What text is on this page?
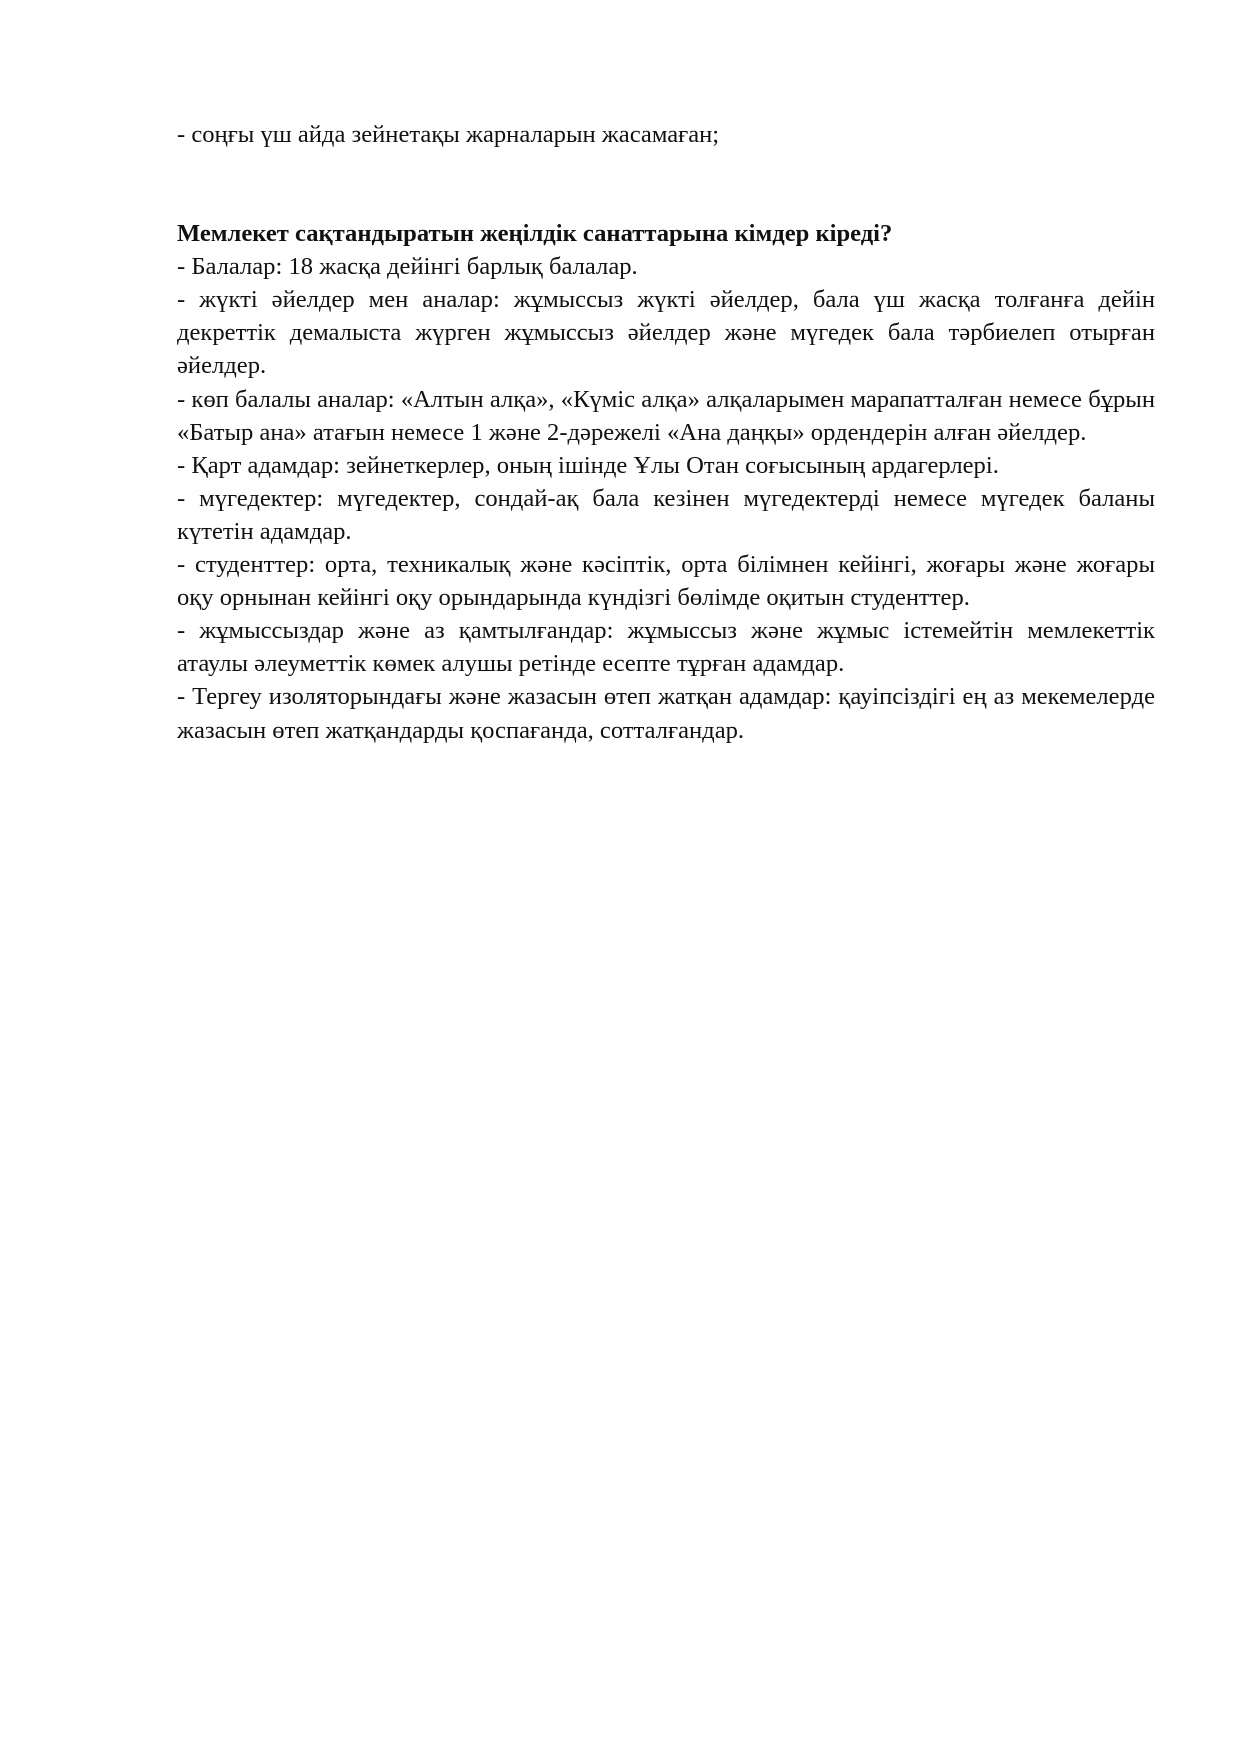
- соңғы үш айда зейнетақы жарналарын жасамаған;

Мемлекет сақтандыратын жеңілдік санаттарына кімдер кіреді?

- Балалар: 18 жасқа дейінгі барлық балалар.

- жүкті әйелдер мен аналар: жұмыссыз жүкті әйелдер, бала үш жасқа толғанға дейін декреттік демалыста жүрген жұмыссыз әйелдер және мүгедек бала тәрбиелеп отырған әйелдер.

- көп балалы аналар: «Алтын алқа», «Күміс алқа» алқаларымен марапатталған немесе бұрын «Батыр ана» атағын немесе 1 және 2-дәрежелі «Ана даңқы» ордендерін алған әйелдер.

- Қарт адамдар: зейнеткерлер, оның ішінде Ұлы Отан соғысының ардагерлері.

- мүгедектер: мүгедектер, сондай-ақ бала кезінен мүгедектерді немесе мүгедек баланы күтетін адамдар.

- студенттер: орта, техникалық және кәсіптік, орта білімнен кейінгі, жоғары және жоғары оқу орнынан кейінгі оқу орындарында күндізгі бөлімде оқитын студенттер.

- жұмыссыздар және аз қамтылғандар: жұмыссыз және жұмыс істемейтін мемлекеттік атаулы әлеуметтік көмек алушы ретінде есепте тұрған адамдар.

- Тергеу изоляторындағы және жазасын өтеп жатқан адамдар: қауіпсіздігі ең аз мекемелерде жазасын өтеп жатқандарды қоспағанда, сотталғандар.
